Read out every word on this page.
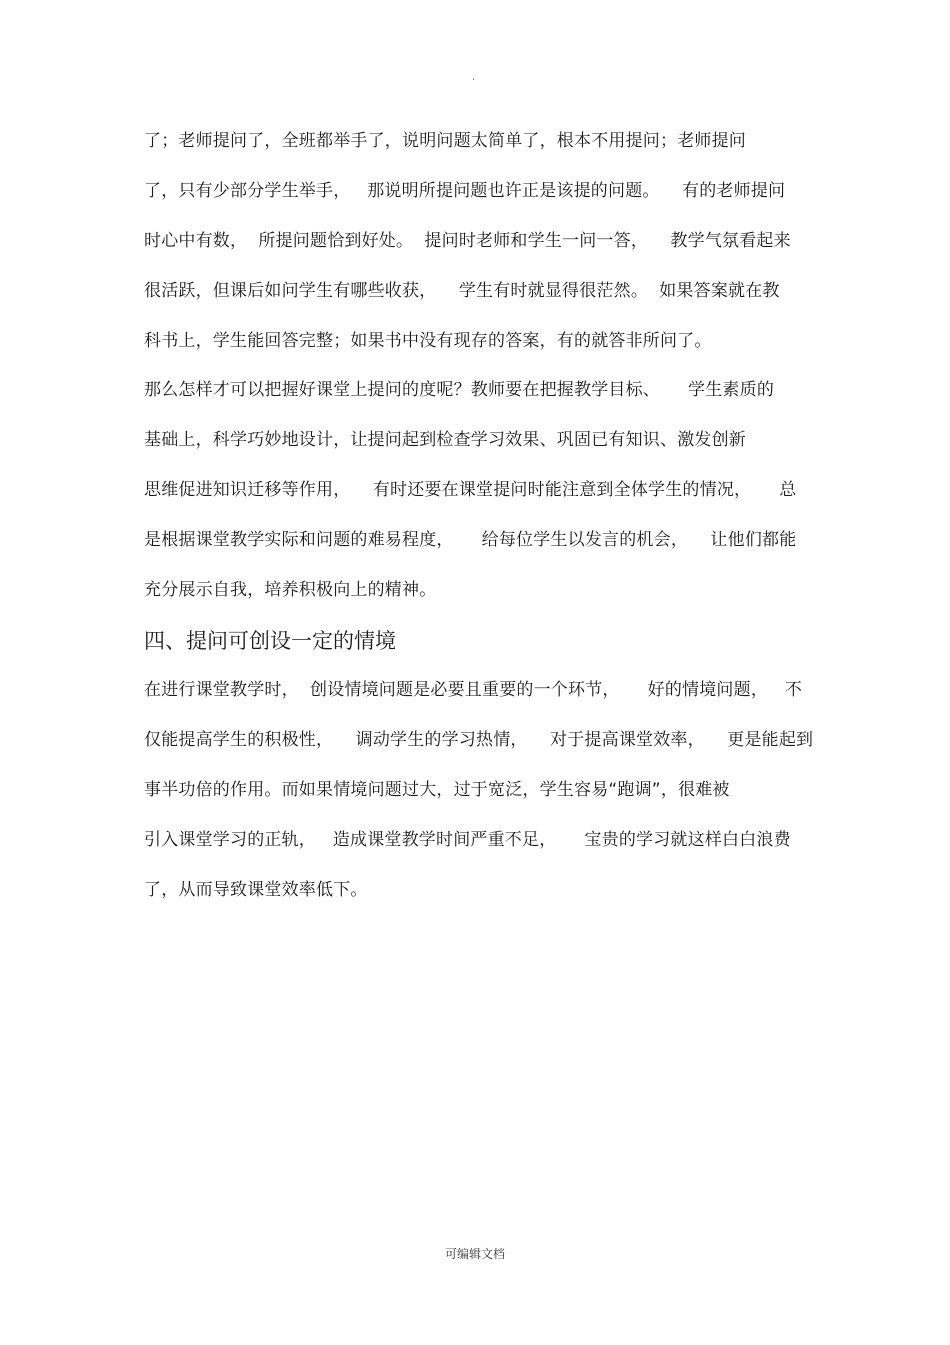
.
了；老师提问了，全班都举手了，说明问题太简单了，根本不用提问；老师提问
了，只有少部分学生举手，   那说明所提问题也许正是该提的问题。    有的老师提问
时心中有数，  所提问题恰到好处。  提问时老师和学生一问一答，    教学气氛看起来
很活跃，但课后如问学生有哪些收获，    学生有时就显得很茫然。  如果答案就在教
科书上，学生能回答完整；如果书中没有现存的答案，有的就答非所问了。
那么怎样才可以把握好课堂上提问的度呢？教师要在把握教学目标、     学生素质的
基础上，科学巧妙地设计，让提问起到检查学习效果、巩固已有知识、激发创新
思维促进知识迁移等作用，    有时还要在课堂提问时能注意到全体学生的情况，     总
是根据课堂教学实际和问题的难易程度，     给每位学生以发言的机会，    让他们都能
充分展示自我，培养积极向上的精神。
四、提问可创设一定的情境
在进行课堂教学时，  创设情境问题是必要且重要的一个环节，     好的情境问题，   不
仅能提高学生的积极性，    调动学生的学习热情，    对于提高课堂效率，    更是能起到
事半功倍的作用。而如果情境问题过大，过于宽泛，学生容易“跑调”，很难被
引入课堂学习的正轨，   造成课堂教学时间严重不足，     宝贵的学习就这样白白浪费
了，从而导致课堂效率低下。
可编辑文档
